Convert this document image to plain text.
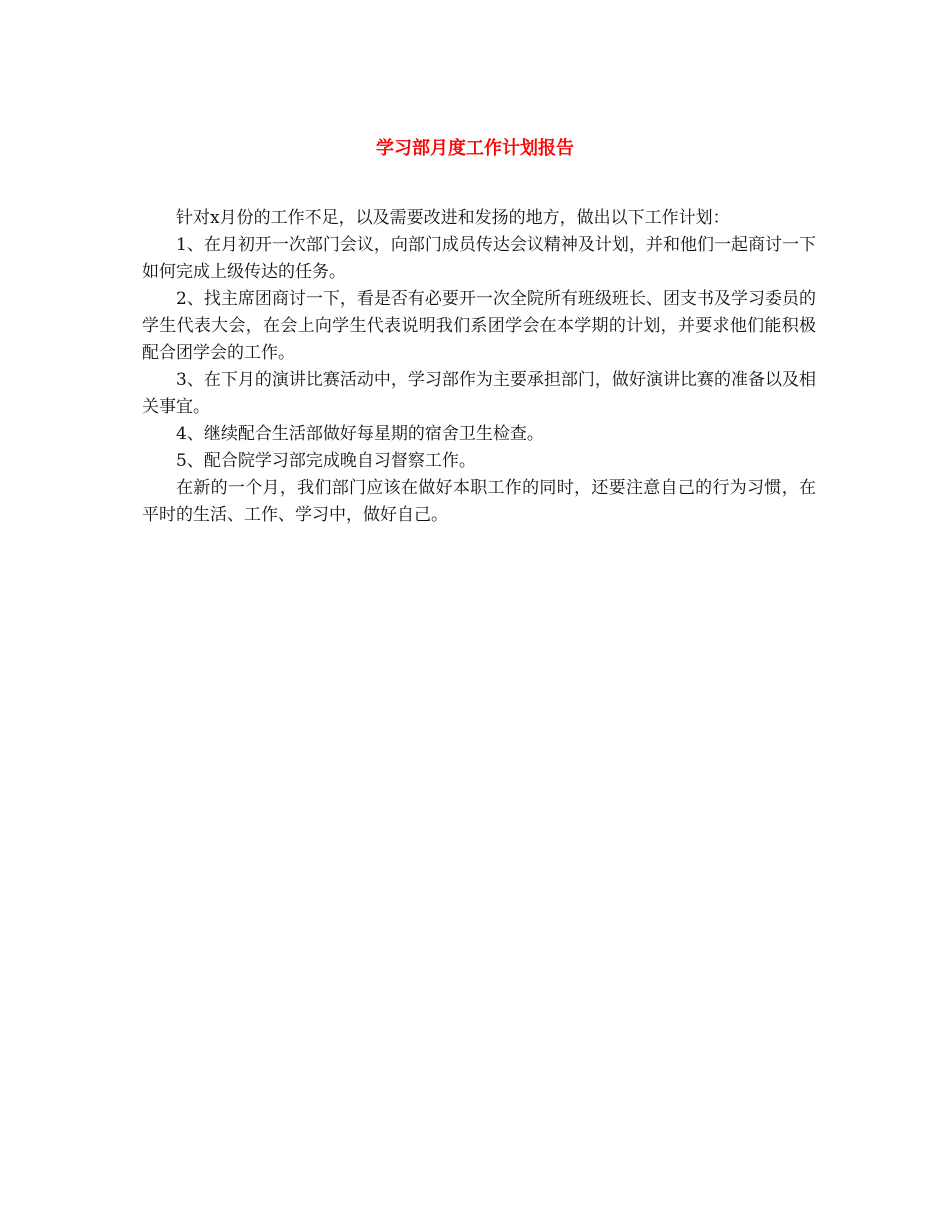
学习部月度工作计划报告

针对x月份的工作不足，以及需要改进和发扬的地方，做出以下工作计划：

1、在月初开一次部门会议，向部门成员传达会议精神及计划，并和他们一起商讨一下如何完成上级传达的任务。

2、找主席团商讨一下，看是否有必要开一次全院所有班级班长、团支书及学习委员的学生代表大会，在会上向学生代表说明我们系团学会在本学期的计划，并要求他们能积极配合团学会的工作。

3、在下月的演讲比赛活动中，学习部作为主要承担部门，做好演讲比赛的准备以及相关事宜。

4、继续配合生活部做好每星期的宿舍卫生检查。

5、配合院学习部完成晚自习督察工作。

在新的一个月，我们部门应该在做好本职工作的同时，还要注意自己的行为习惯，在平时的生活、工作、学习中，做好自己。
